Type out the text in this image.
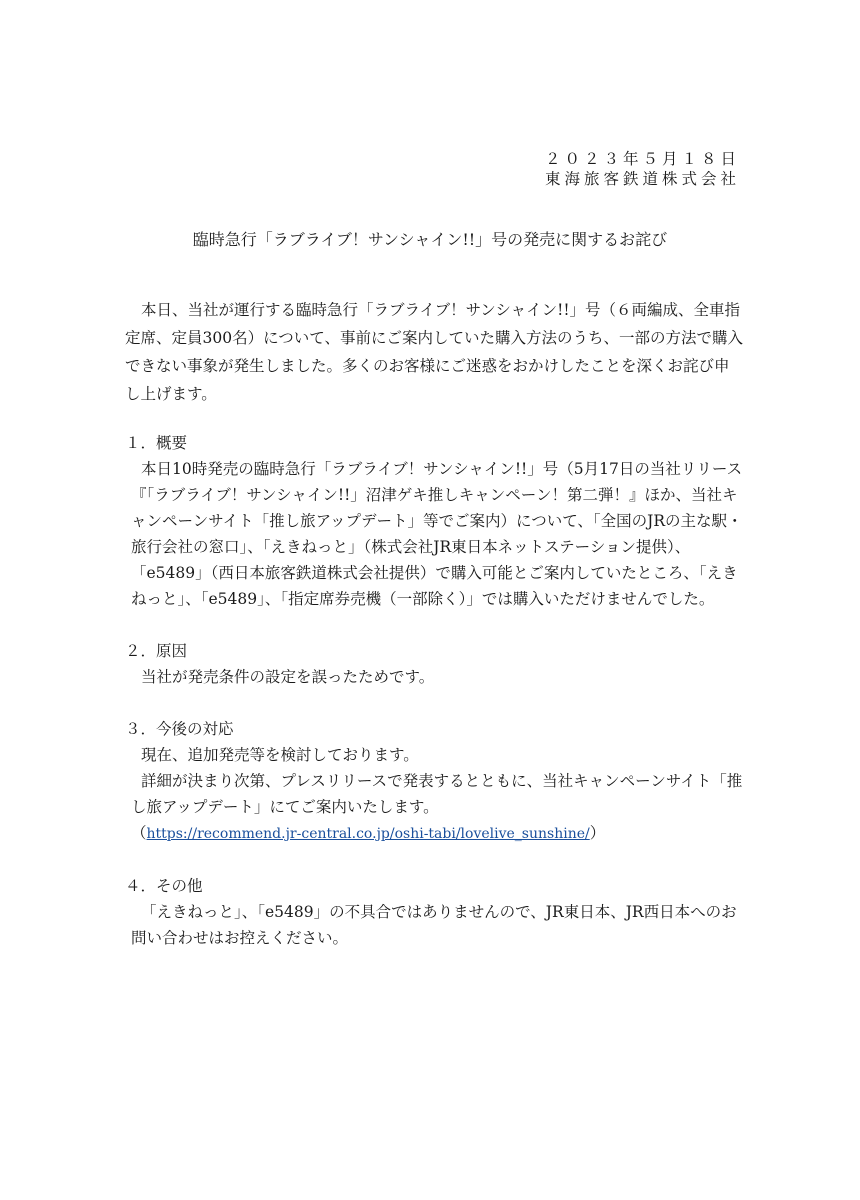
２０２３年５月１８日

東海旅客鉄道株式会社

臨時急行「ラブライブ！サンシャイン!!」号の発売に関するお詫び

本日、当社が運行する臨時急行「ラブライブ！サンシャイン!!」号（６両編成、全車指定席、定員300名）について、事前にご案内していた購入方法のうち、一部の方法で購入できない事象が発生しました。多くのお客様にご迷惑をおかけしたことを深くお詫び申し上げます。

１．概要

本日10時発売の臨時急行「ラブライブ！サンシャイン!!」号（5月17日の当社リリース『「ラブライブ！サンシャイン!!」沼津ゲキ推しキャンペーン！第二弾！』ほか、当社キャンペーンサイト「推し旅アップデート」等でご案内）について、「全国のJRの主な駅・旅行会社の窓口」、「えきねっと」（株式会社JR東日本ネットステーション提供）、「e5489」（西日本旅客鉄道株式会社提供）で購入可能とご案内していたところ、「えきねっと」、「e5489」、「指定席券売機（一部除く）」では購入いただけませんでした。

２．原因

当社が発売条件の設定を誤ったためです。

３．今後の対応

現在、追加発売等を検討しております。

詳細が決まり次第、プレスリリースで発表するとともに、当社キャンペーンサイト「推し旅アップデート」にてご案内いたします。

（https://recommend.jr-central.co.jp/oshi-tabi/lovelive_sunshine/）

４．その他

「えきねっと」、「e5489」の不具合ではありませんので、JR東日本、JR西日本へのお問い合わせはお控えください。
